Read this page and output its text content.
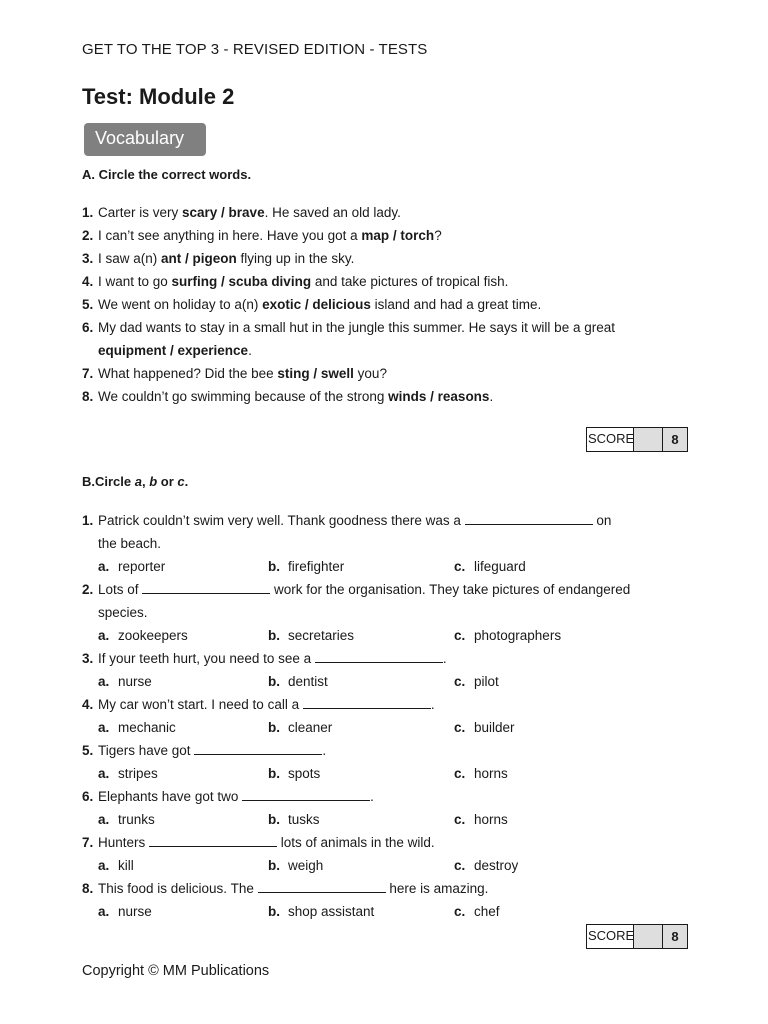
GET TO THE TOP 3 - REVISED EDITION - TESTS
Test: Module 2
Vocabulary
A. Circle the correct words.
1. Carter is very scary / brave. He saved an old lady.
2. I can’t see anything in here. Have you got a map / torch?
3. I saw a(n) ant / pigeon flying up in the sky.
4. I want to go surfing / scuba diving and take pictures of tropical fish.
5. We went on holiday to a(n) exotic / delicious island and had a great time.
6. My dad wants to stay in a small hut in the jungle this summer. He says it will be a great
equipment / experience.
7. What happened? Did the bee sting / swell you?
8. We couldn’t go swimming because of the strong winds / reasons.
SCORE	8
B.Circle a, b or c.
1. Patrick couldn’t swim very well. Thank goodness there was a	on
the beach.
a. reporter	b. firefighter	c. lifeguard
2. Lots of	work for the organisation. They take pictures of endangered
species.
a. zookeepers	b. secretaries	c. photographers
3. If your teeth hurt, you need to see a	.
a. nurse	b. dentist	c. pilot
4. My car won’t start. I need to call a	.
a. mechanic	b. cleaner	c. builder
5. Tigers have got	.
a. stripes	b. spots	c. horns
6. Elephants have got two	.
a. trunks	b. tusks	c. horns
7. Hunters	lots of animals in the wild.
a. kill	b. weigh	c. destroy
8. This food is delicious. The	here is amazing.
a. nurse	b. shop assistant	c. chef
SCORE	8
Copyright © MM Publications
